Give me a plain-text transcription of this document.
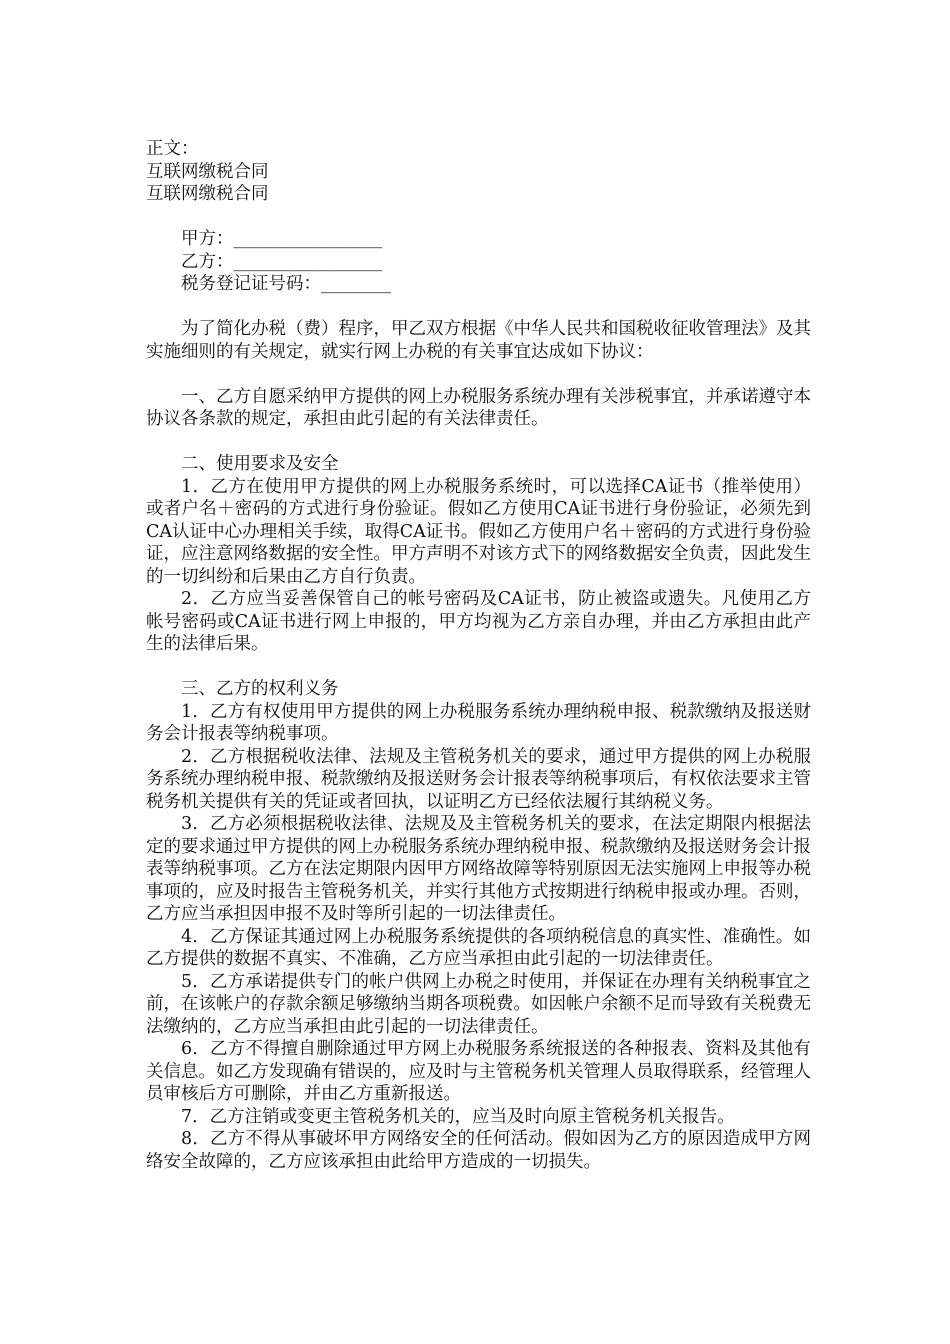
正文：

互联网缴税合同

互联网缴税合同

甲方：_________________

乙方：_________________

税务登记证号码：________

为了简化办税（费）程序，甲乙双方根据《中华人民共和国税收征收管理法》及其实施细则的有关规定，就实行网上办税的有关事宜达成如下协议：

一、乙方自愿采纳甲方提供的网上办税服务系统办理有关涉税事宜，并承诺遵守本协议各条款的规定，承担由此引起的有关法律责任。

二、使用要求及安全

1．乙方在使用甲方提供的网上办税服务系统时，可以选择CA证书（推举使用）或者户名＋密码的方式进行身份验证。假如乙方使用CA证书进行身份验证，必须先到CA认证中心办理相关手续，取得CA证书。假如乙方使用户名＋密码的方式进行身份验证，应注意网络数据的安全性。甲方声明不对该方式下的网络数据安全负责，因此发生的一切纠纷和后果由乙方自行负责。

2．乙方应当妥善保管自己的帐号密码及CA证书，防止被盗或遗失。凡使用乙方帐号密码或CA证书进行网上申报的，甲方均视为乙方亲自办理，并由乙方承担由此产生的法律后果。

三、乙方的权利义务

1．乙方有权使用甲方提供的网上办税服务系统办理纳税申报、税款缴纳及报送财务会计报表等纳税事项。

2．乙方根据税收法律、法规及主管税务机关的要求，通过甲方提供的网上办税服务系统办理纳税申报、税款缴纳及报送财务会计报表等纳税事项后，有权依法要求主管税务机关提供有关的凭证或者回执，以证明乙方已经依法履行其纳税义务。

3．乙方必须根据税收法律、法规及及主管税务机关的要求，在法定期限内根据法定的要求通过甲方提供的网上办税服务系统办理纳税申报、税款缴纳及报送财务会计报表等纳税事项。乙方在法定期限内因甲方网络故障等特别原因无法实施网上申报等办税事项的，应及时报告主管税务机关，并实行其他方式按期进行纳税申报或办理。否则，乙方应当承担因申报不及时等所引起的一切法律责任。

4．乙方保证其通过网上办税服务系统提供的各项纳税信息的真实性、准确性。如乙方提供的数据不真实、不准确，乙方应当承担由此引起的一切法律责任。

5．乙方承诺提供专门的帐户供网上办税之时使用，并保证在办理有关纳税事宜之前，在该帐户的存款余额足够缴纳当期各项税费。如因帐户余额不足而导致有关税费无法缴纳的，乙方应当承担由此引起的一切法律责任。

6．乙方不得擅自删除通过甲方网上办税服务系统报送的各种报表、资料及其他有关信息。如乙方发现确有错误的，应及时与主管税务机关管理人员取得联系，经管理人员审核后方可删除，并由乙方重新报送。

7．乙方注销或变更主管税务机关的，应当及时向原主管税务机关报告。

8．乙方不得从事破坏甲方网络安全的任何活动。假如因为乙方的原因造成甲方网络安全故障的，乙方应该承担由此给甲方造成的一切损失。
